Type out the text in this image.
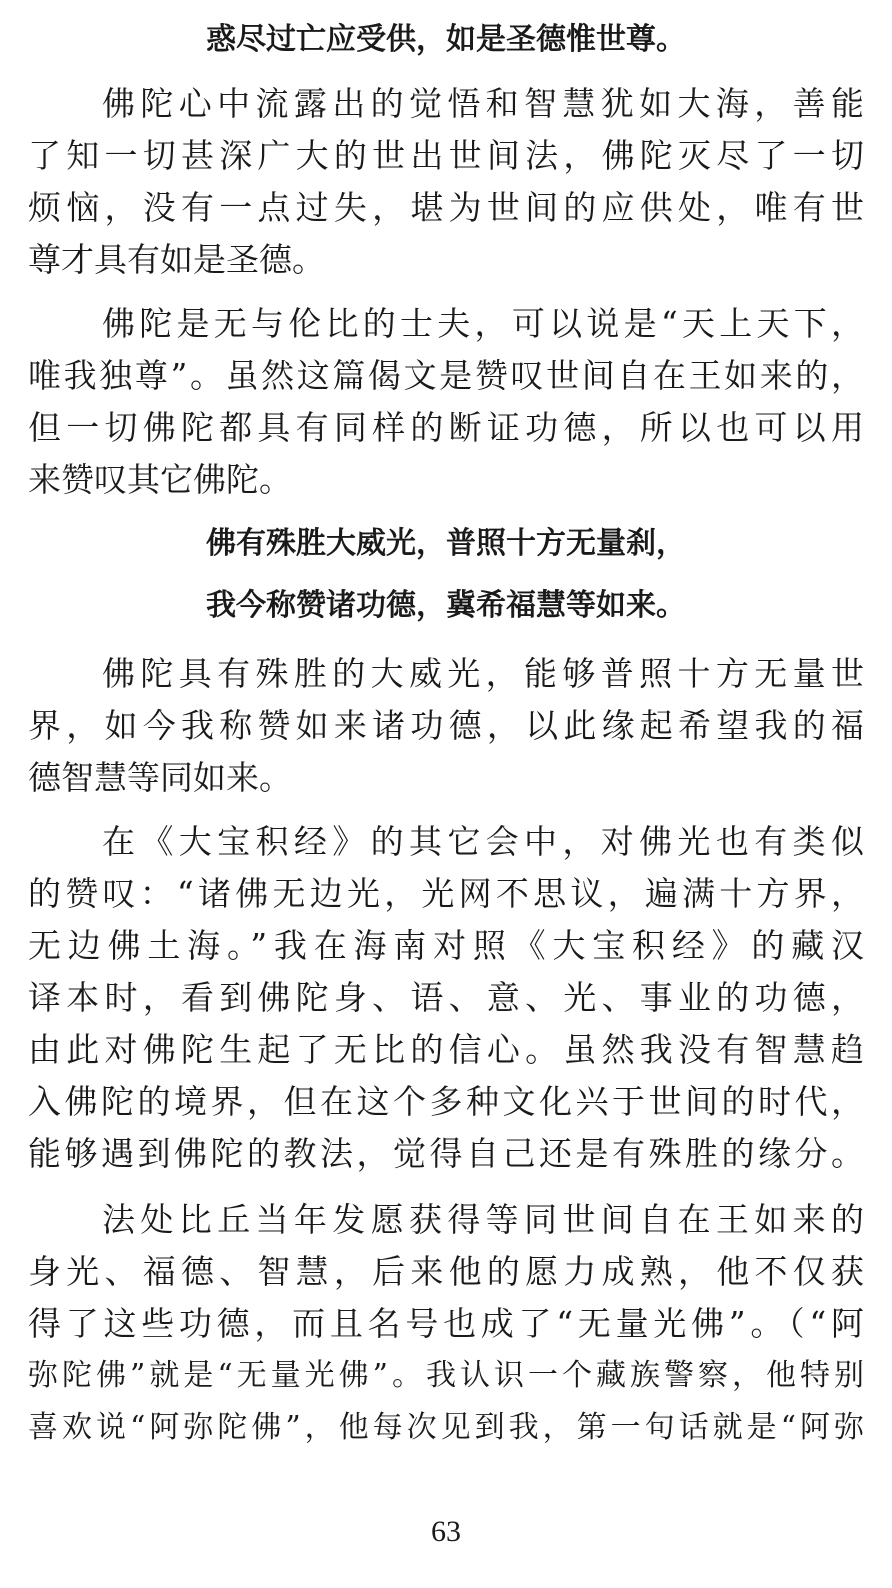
惑尽过亡应受供，如是圣德惟世尊。
佛陀心中流露出的觉悟和智慧犹如大海，善能
了知一切甚深广大的世出世间法，佛陀灭尽了一切
烦恼，没有一点过失，堪为世间的应供处，唯有世
尊才具有如是圣德。
佛陀是无与伦比的士夫，可以说是“天上天下，
唯我独尊”。虽然这篇偈文是赞叹世间自在王如来的，
但一切佛陀都具有同样的断证功德，所以也可以用
来赞叹其它佛陀。
佛有殊胜大威光，普照十方无量刹，
我今称赞诸功德，冀希福慧等如来。
佛陀具有殊胜的大威光，能够普照十方无量世
界，如今我称赞如来诸功德，以此缘起希望我的福
德智慧等同如来。
在《大宝积经》的其它会中，对佛光也有类似
的赞叹：“诸佛无边光，光网不思议，遍满十方界，
无边佛土海。”我在海南对照《大宝积经》的藏汉
译本时，看到佛陀身、语、意、光、事业的功德，
由此对佛陀生起了无比的信心。虽然我没有智慧趋
入佛陀的境界，但在这个多种文化兴于世间的时代，
能够遇到佛陀的教法，觉得自己还是有殊胜的缘分。
法处比丘当年发愿获得等同世间自在王如来的
身光、福德、智慧，后来他的愿力成熟，他不仅获
得了这些功德，而且名号也成了“无量光佛”。（“阿
弥陀佛”就是“无量光佛”。我认识一个藏族警察，他特别
喜欢说“阿弥陀佛”，他每次见到我，第一句话就是“阿弥
63
